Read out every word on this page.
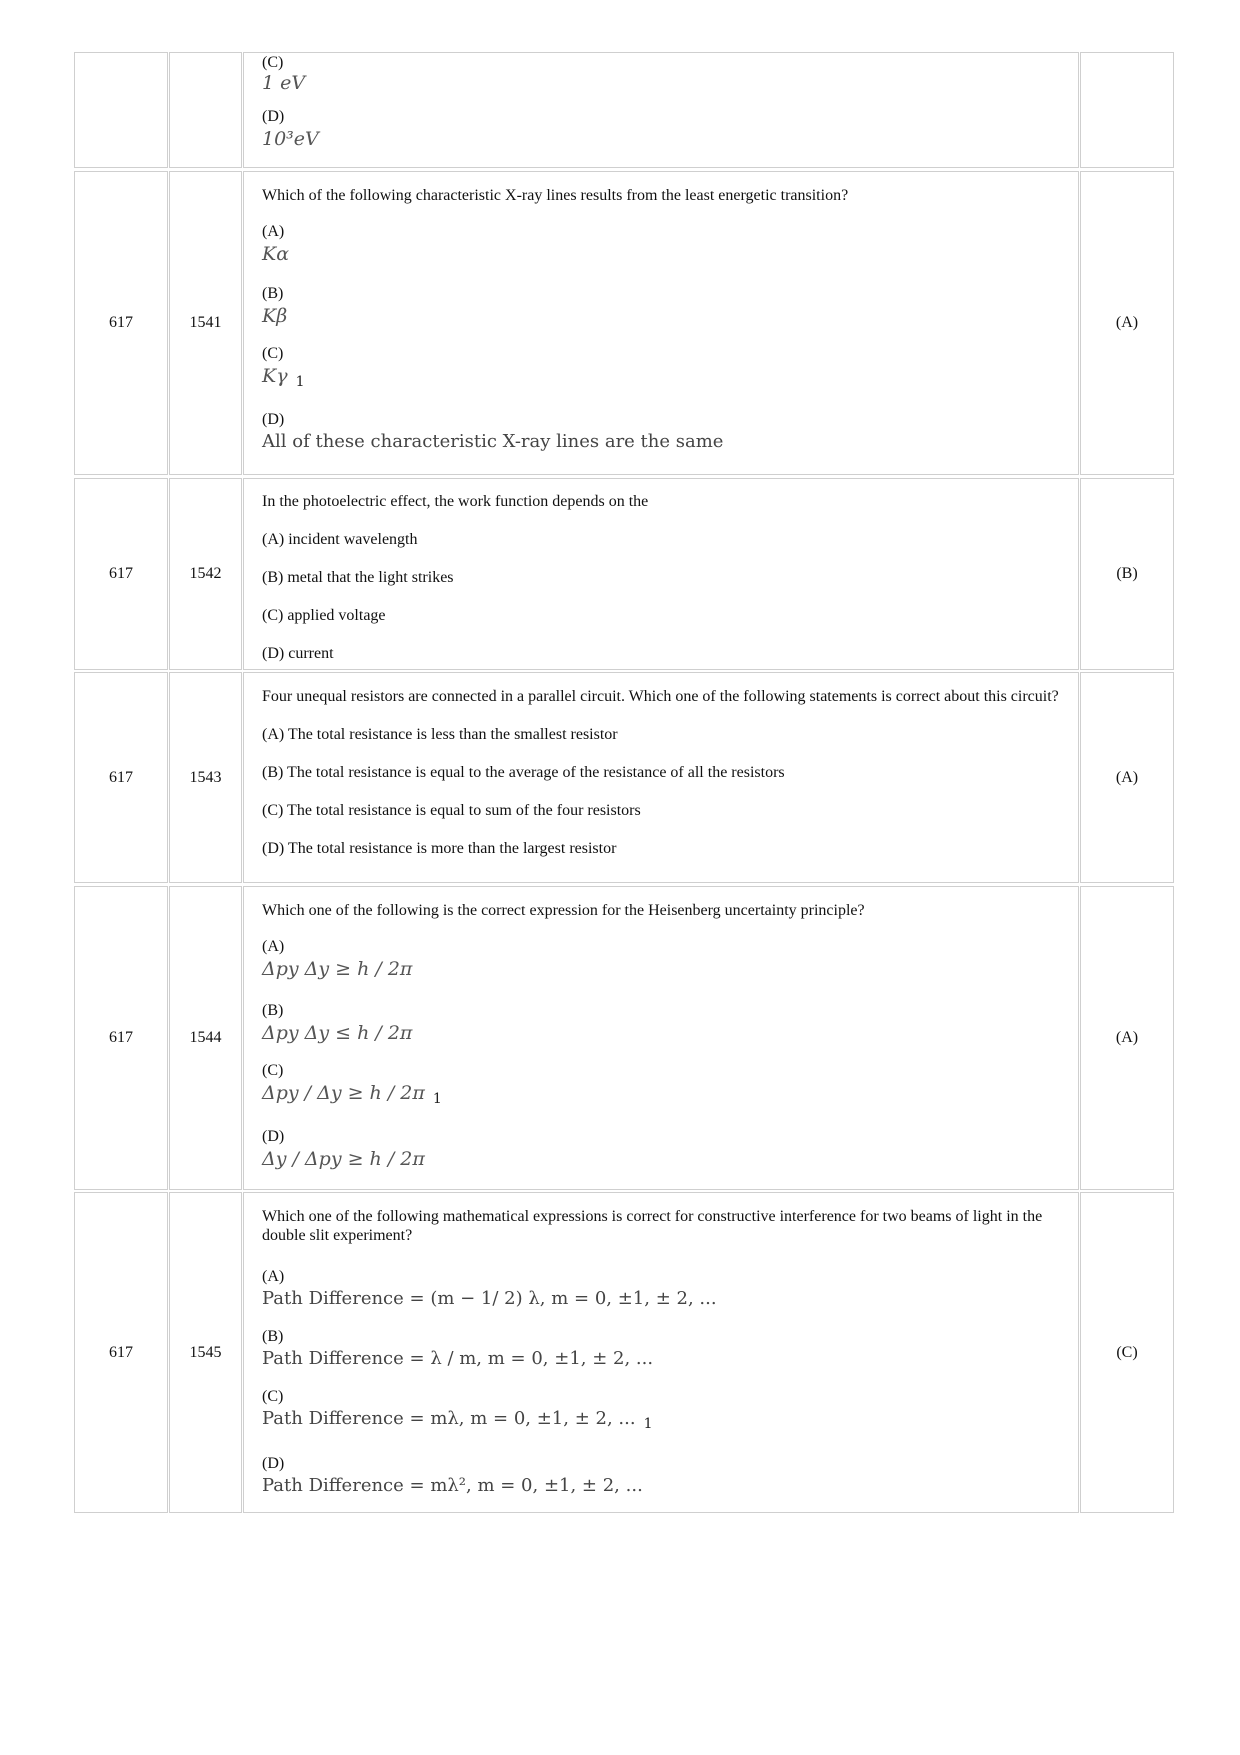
(C)
1 eV
(D)
10³eV
617	1541

Which of the following characteristic X-ray lines results from the least energetic transition?

(A)
Kα
(B)
Kβ
(C)
Kγ $_1$
(D)
All of these characteristic X-ray lines are the same
(A)
617	1542
In the photoelectric effect, the work function depends on the
(A) incident wavelength
(B) metal that the light strikes
(C) applied voltage
(D) current
(B)
617	1543
Four unequal resistors are connected in a parallel circuit. Which one of the following statements is correct about this circuit?
(A) The total resistance is less than the smallest resistor
(B) The total resistance is equal to the average of the resistance of all the resistors
(C) The total resistance is equal to sum of the four resistors
(D) The total resistance is more than the largest resistor
(A)
617	1544

Which one of the following is the correct expression for the Heisenberg uncertainty principle?

(A)
Δpy Δy ≥ h / 2π
(B)
Δpy Δy ≤ h / 2π
(C)
Δpy / Δy ≥ h / 2π $_1$
(D)
Δy / Δpy ≥ h / 2π
(A)
617	1545

Which one of the following mathematical expressions is correct for constructive interference for two beams of light in the double slit experiment?

(A)
Path Difference = (m − 1/ 2) λ, m = 0, ±1, ± 2, ...
(B)
Path Difference = λ / m, m = 0, ±1, ± 2, ...
(C)
Path Difference = mλ, m = 0, ±1, ± 2, ... $_1$
(D)
Path Difference = mλ², m = 0, ±1, ± 2, ...
(C)
